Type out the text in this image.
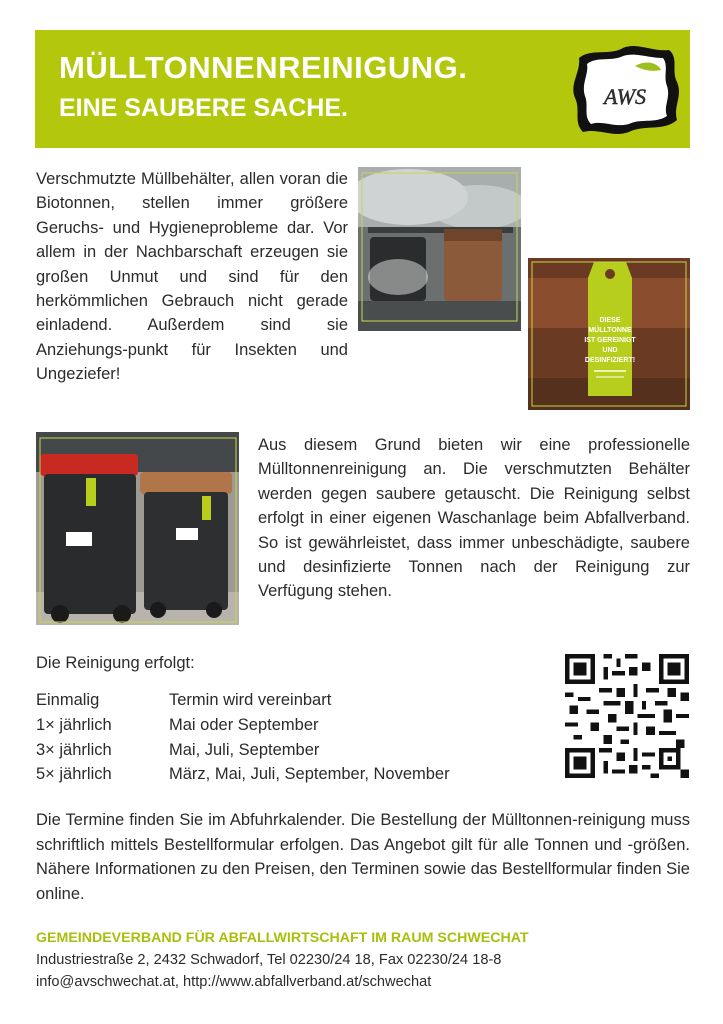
MÜLLTONNENREINIGUNG.
EINE SAUBERE SACHE.	AWS

Verschmutzte Müllbehälter, allen voran die Biotonnen, stellen immer größere Geruchs- und Hygieneprobleme dar. Vor allem in der Nachbarschaft erzeugen sie großen Unmut und sind für den herkömmlichen Gebrauch nicht gerade einladend. Außerdem sind sie Anziehungs-punkt für Insekten und Ungeziefer!

DIESE
MÜLLTONNE
IST GEREINIGT
UND
DESINFIZIERT!

Aus diesem Grund bieten wir eine professionelle Mülltonnenreinigung an. Die verschmutzten Behälter werden gegen saubere getauscht. Die Reinigung selbst erfolgt in einer eigenen Waschanlage beim Abfallverband. So ist gewährleistet, dass immer unbeschädigte, saubere und desinfizierte Tonnen nach der Reinigung zur Verfügung stehen.

Die Reinigung erfolgt:
Einmalig	Termin wird vereinbart
1× jährlich	Mai oder September
3× jährlich	Mai, Juli, September
5× jährlich	März, Mai, Juli, September, November

Die Termine finden Sie im Abfuhrkalender. Die Bestellung der Mülltonnen-reinigung muss schriftlich mittels Bestellformular erfolgen. Das Angebot gilt für alle Tonnen und -größen. Nähere Informationen zu den Preisen, den Terminen sowie das Bestellformular finden Sie online.

GEMEINDEVERBAND FÜR ABFALLWIRTSCHAFT IM RAUM SCHWECHAT
Industriestraße 2, 2432 Schwadorf, Tel 02230/24 18, Fax 02230/24 18-8
info@avschwechat.at, http://www.abfallverband.at/schwechat
